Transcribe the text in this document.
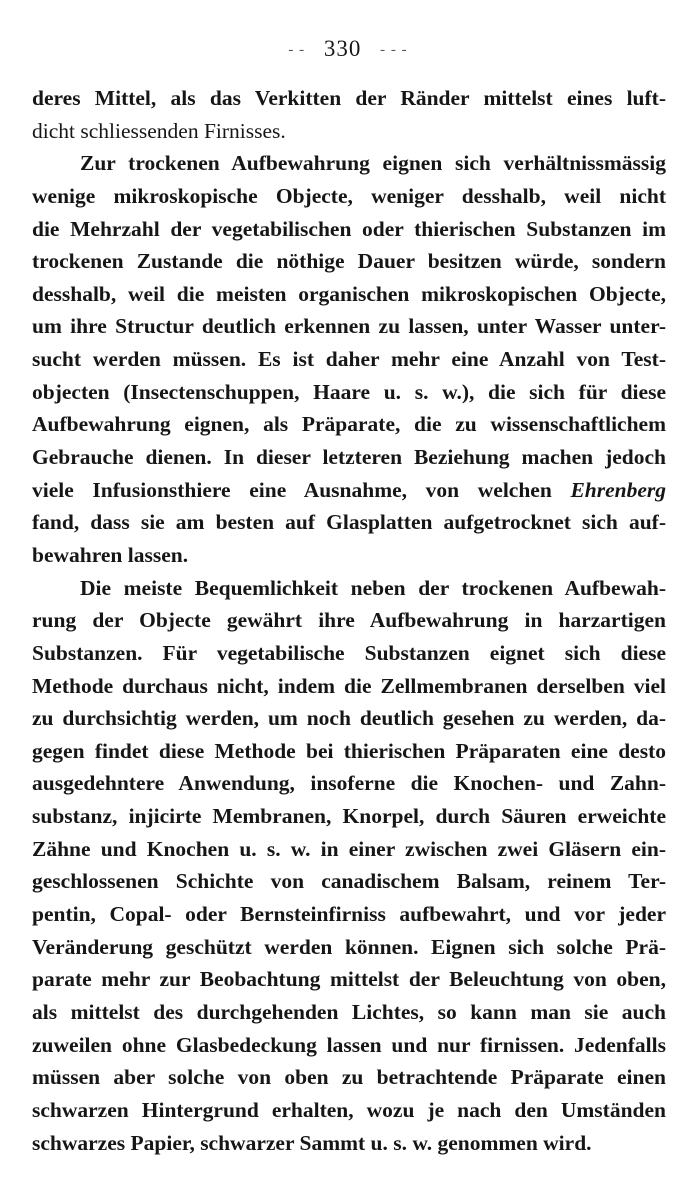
- - 330 - - -
deres Mittel, als das Verkitten der Ränder mittelst eines luft-
dicht schliessenden Firnisses.
Zur trockenen Aufbewahrung eignen sich verhältnissmässig
wenige mikroskopische Objecte, weniger desshalb, weil nicht
die Mehrzahl der vegetabilischen oder thierischen Substanzen im
trockenen Zustande die nöthige Dauer besitzen würde, sondern
desshalb, weil die meisten organischen mikroskopischen Objecte,
um ihre Structur deutlich erkennen zu lassen, unter Wasser unter-
sucht werden müssen. Es ist daher mehr eine Anzahl von Test-
objecten (Insectenschuppen, Haare u. s. w.), die sich für diese
Aufbewahrung eignen, als Präparate, die zu wissenschaftlichem
Gebrauche dienen. In dieser letzteren Beziehung machen jedoch
viele Infusionsthiere eine Ausnahme, von welchen Ehrenberg
fand, dass sie am besten auf Glasplatten aufgetrocknet sich auf-
bewahren lassen.
Die meiste Bequemlichkeit neben der trockenen Aufbewah-
rung der Objecte gewährt ihre Aufbewahrung in harzartigen
Substanzen. Für vegetabilische Substanzen eignet sich diese
Methode durchaus nicht, indem die Zellmembranen derselben viel
zu durchsichtig werden, um noch deutlich gesehen zu werden, da-
gegen findet diese Methode bei thierischen Präparaten eine desto
ausgedehntere Anwendung, insoferne die Knochen- und Zahn-
substanz, injicirte Membranen, Knorpel, durch Säuren erweichte
Zähne und Knochen u. s. w. in einer zwischen zwei Gläsern ein-
geschlossenen Schichte von canadischem Balsam, reinem Ter-
pentin, Copal- oder Bernsteinfirniss aufbewahrt, und vor jeder
Veränderung geschützt werden können. Eignen sich solche Prä-
parate mehr zur Beobachtung mittelst der Beleuchtung von oben,
als mittelst des durchgehenden Lichtes, so kann man sie auch
zuweilen ohne Glasbedeckung lassen und nur firnissen. Jedenfalls
müssen aber solche von oben zu betrachtende Präparate einen
schwarzen Hintergrund erhalten, wozu je nach den Umständen
schwarzes Papier, schwarzer Sammt u. s. w. genommen wird.
